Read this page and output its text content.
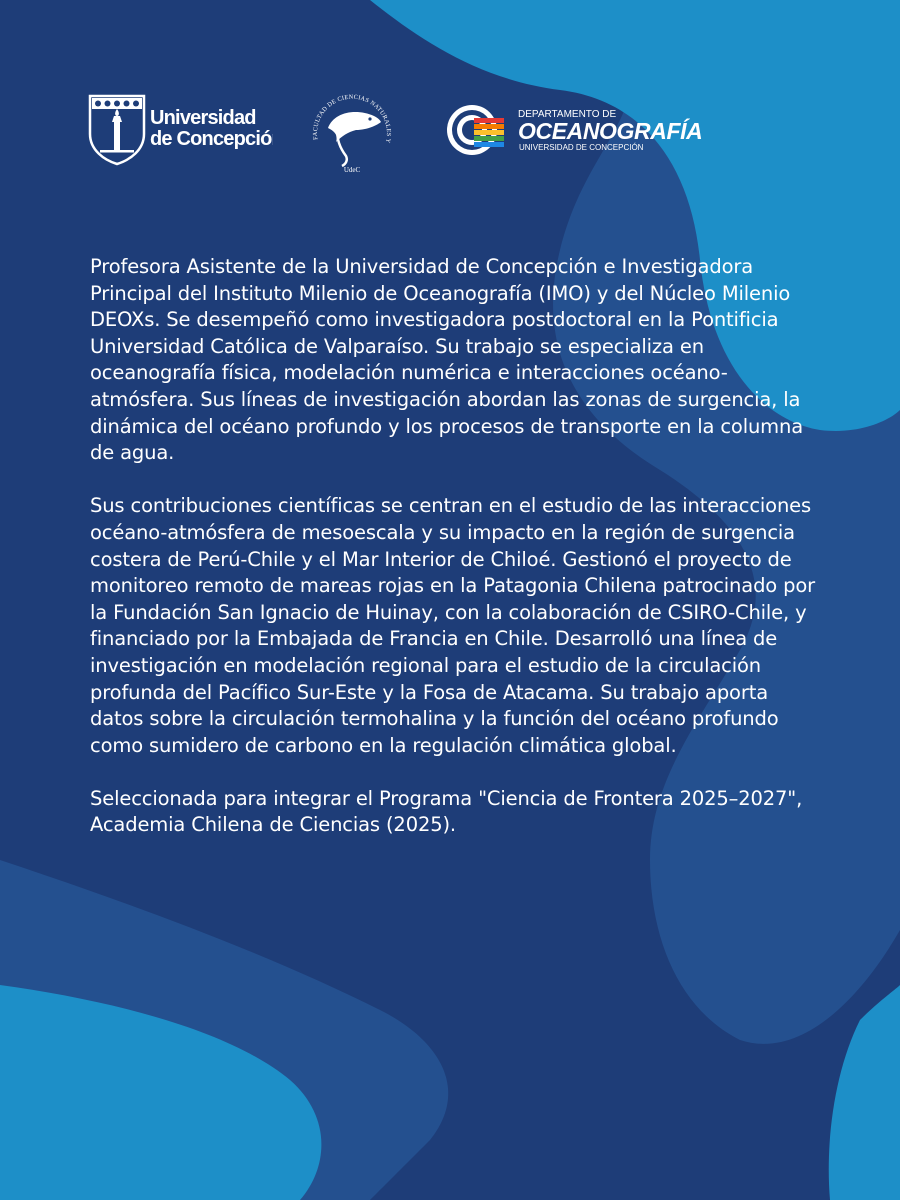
Universidad
de Concepción	FACULTAD DE CIENCIAS NATURALES Y
UdeC
DEPARTAMENTO DE
OCEANOGRAFÍA
UNIVERSIDAD DE CONCEPCIÓN

Profesora Asistente de la Universidad de Concepción e Investigadora Principal del Instituto Milenio de Oceanografía (IMO) y del Núcleo Milenio DEOXs. Se desempeñó como investigadora postdoctoral en la Pontificia Universidad Católica de Valparaíso. Su trabajo se especializa en oceanografía física, modelación numérica e interacciones océano-atmósfera. Sus líneas de investigación abordan las zonas de surgencia, la dinámica del océano profundo y los procesos de transporte en la columna de agua.

Sus contribuciones científicas se centran en el estudio de las interacciones océano-atmósfera de mesoescala y su impacto en la región de surgencia costera de Perú-Chile y el Mar Interior de Chiloé. Gestionó el proyecto de monitoreo remoto de mareas rojas en la Patagonia Chilena patrocinado por la Fundación San Ignacio de Huinay, con la colaboración de CSIRO-Chile, y financiado por la Embajada de Francia en Chile. Desarrolló una línea de investigación en modelación regional para el estudio de la circulación profunda del Pacífico Sur-Este y la Fosa de Atacama. Su trabajo aporta datos sobre la circulación termohalina y la función del océano profundo como sumidero de carbono en la regulación climática global.

Seleccionada para integrar el Programa "Ciencia de Frontera 2025–2027", Academia Chilena de Ciencias (2025).
